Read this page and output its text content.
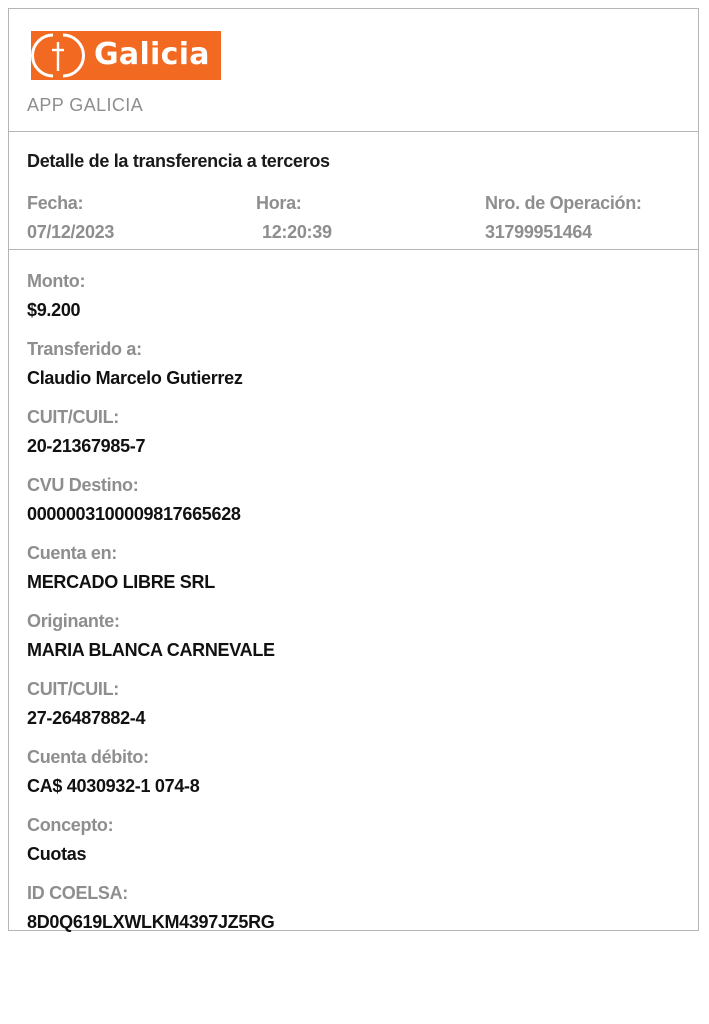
Galicia
APP GALICIA
Detalle de la transferencia a terceros
Fecha:
07/12/2023
Hora:
12:20:39
Nro. de Operación:
31799951464
Monto:
$9.200
Transferido a:
Claudio Marcelo Gutierrez
CUIT/CUIL:
20-21367985-7
CVU Destino:
0000003100009817665628
Cuenta en:
MERCADO LIBRE SRL
Originante:
MARIA BLANCA CARNEVALE
CUIT/CUIL:
27-26487882-4
Cuenta débito:
CA$ 4030932-1 074-8
Concepto:
Cuotas
ID COELSA:
8D0Q619LXWLKM4397JZ5RG
